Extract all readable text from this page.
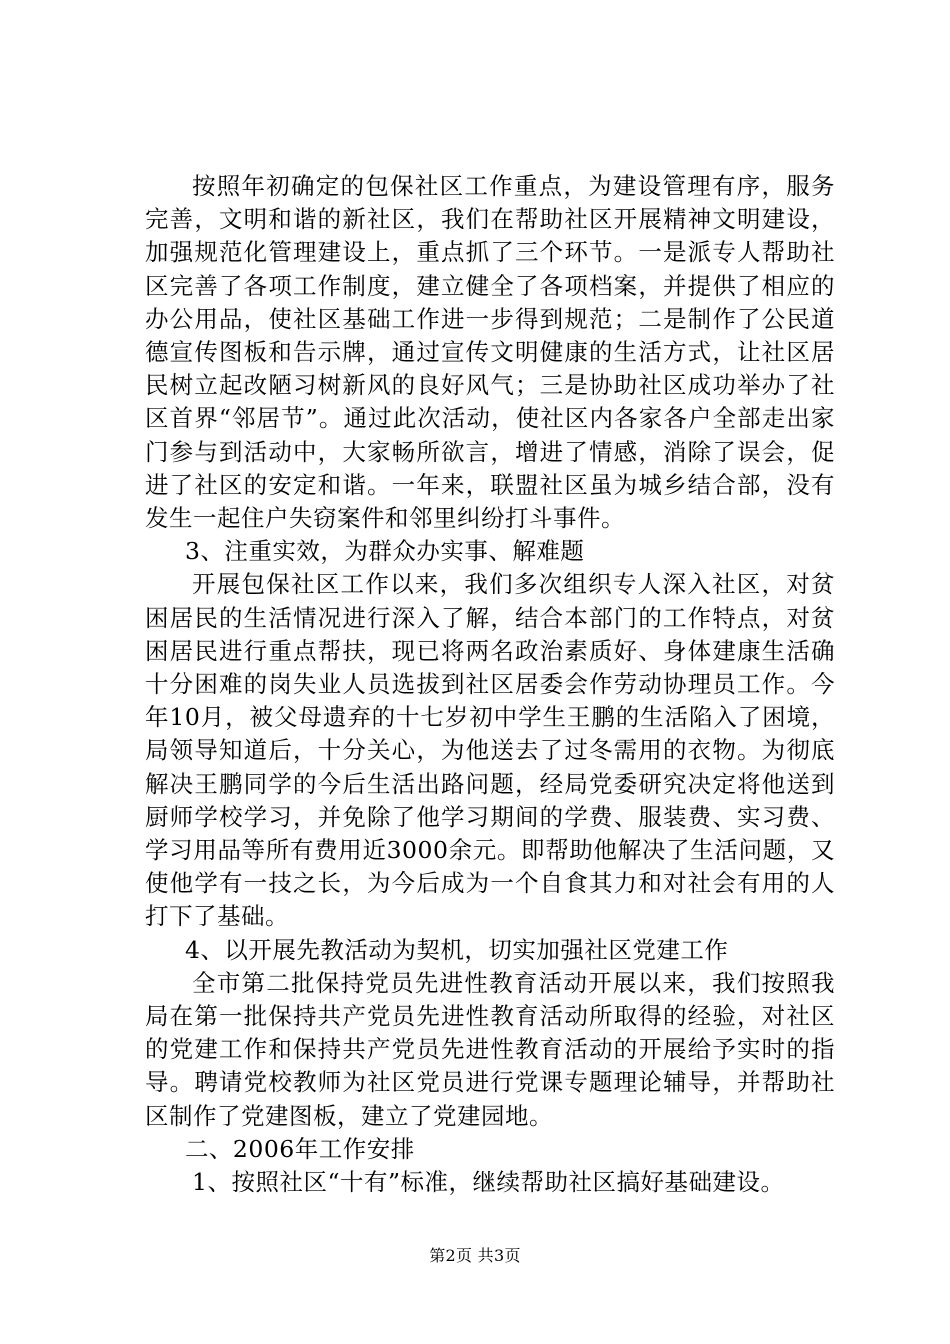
按照年初确定的包保社区工作重点，为建设管理有序，服务完善，文明和谐的新社区，我们在帮助社区开展精神文明建设，加强规范化管理建设上，重点抓了三个环节。一是派专人帮助社区完善了各项工作制度，建立健全了各项档案，并提供了相应的办公用品，使社区基础工作进一步得到规范；二是制作了公民道德宣传图板和告示牌，通过宣传文明健康的生活方式，让社区居民树立起改陋习树新风的良好风气；三是协助社区成功举办了社区首界“邻居节”。通过此次活动，使社区内各家各户全部走出家门参与到活动中，大家畅所欲言，增进了情感，消除了误会，促进了社区的安定和谐。一年来，联盟社区虽为城乡结合部，没有发生一起住户失窃案件和邻里纠纷打斗事件。

3、注重实效，为群众办实事、解难题

开展包保社区工作以来，我们多次组织专人深入社区，对贫困居民的生活情况进行深入了解，结合本部门的工作特点，对贫困居民进行重点帮扶，现已将两名政治素质好、身体建康生活确十分困难的岗失业人员选拔到社区居委会作劳动协理员工作。今年10月，被父母遗弃的十七岁初中学生王鹏的生活陷入了困境，局领导知道后，十分关心，为他送去了过冬需用的衣物。为彻底解决王鹏同学的今后生活出路问题，经局党委研究决定将他送到厨师学校学习，并免除了他学习期间的学费、服装费、实习费、学习用品等所有费用近3000余元。即帮助他解决了生活问题，又使他学有一技之长，为今后成为一个自食其力和对社会有用的人打下了基础。

4、以开展先教活动为契机，切实加强社区党建工作

全市第二批保持党员先进性教育活动开展以来，我们按照我局在第一批保持共产党员先进性教育活动所取得的经验，对社区的党建工作和保持共产党员先进性教育活动的开展给予实时的指导。聘请党校教师为社区党员进行党课专题理论辅导，并帮助社区制作了党建图板，建立了党建园地。

二、2006年工作安排

1、按照社区“十有”标准，继续帮助社区搞好基础建设。

第2页 共3页
